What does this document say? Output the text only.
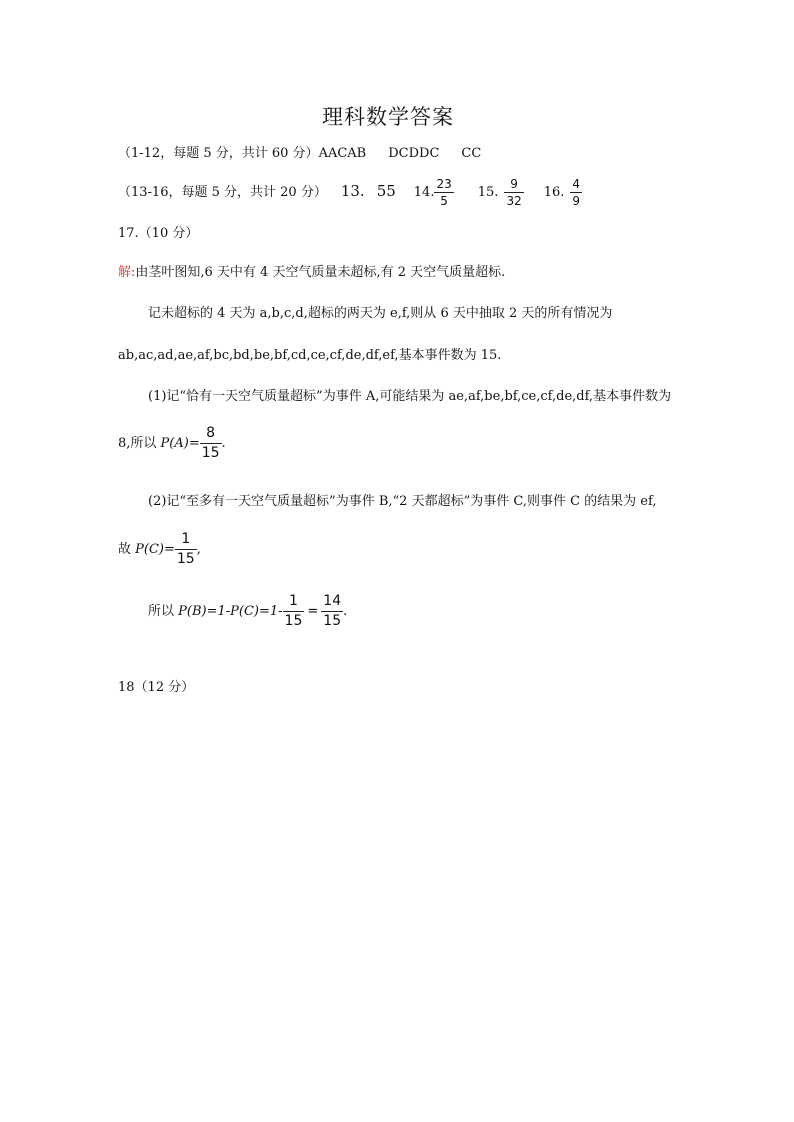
理科数学答案
（1-12，每题 5 分，共计 60 分）AACAB DCDDC CC
（13-16，每题 5 分，共计 20 分） 13. 55 14. $\frac{23}{5} 15$. $\frac{9}{32} 16$. $\frac{4}{9}$
17.（10 分）
解:由茎叶图知,6 天中有 4 天空气质量未超标,有 2 天空气质量超标.
记未超标的 4 天为 a,b,c,d,超标的两天为 e,f,则从 6 天中抽取 2 天的所有情况为
ab,ac,ad,ae,af,bc,bd,be,bf,cd,ce,cf,de,df,ef,基本事件数为 15.
(1)记“恰有一天空气质量超标”为事件 A,可能结果为 ae,af,be,bf,ce,cf,de,df,基本事件数为
8,所以 $P(A)= \frac{8}{15}$ .
(2)记“至多有一天空气质量超标”为事件 B,“2 天都超标”为事件 C,则事件 C 的结果为 ef,
故 $P(C)= \frac{1}{15}$ ,
所以 $P(B)=1-P(C)=1- \frac{1}{15} = \frac{14}{15}$ .
18（12 分）
